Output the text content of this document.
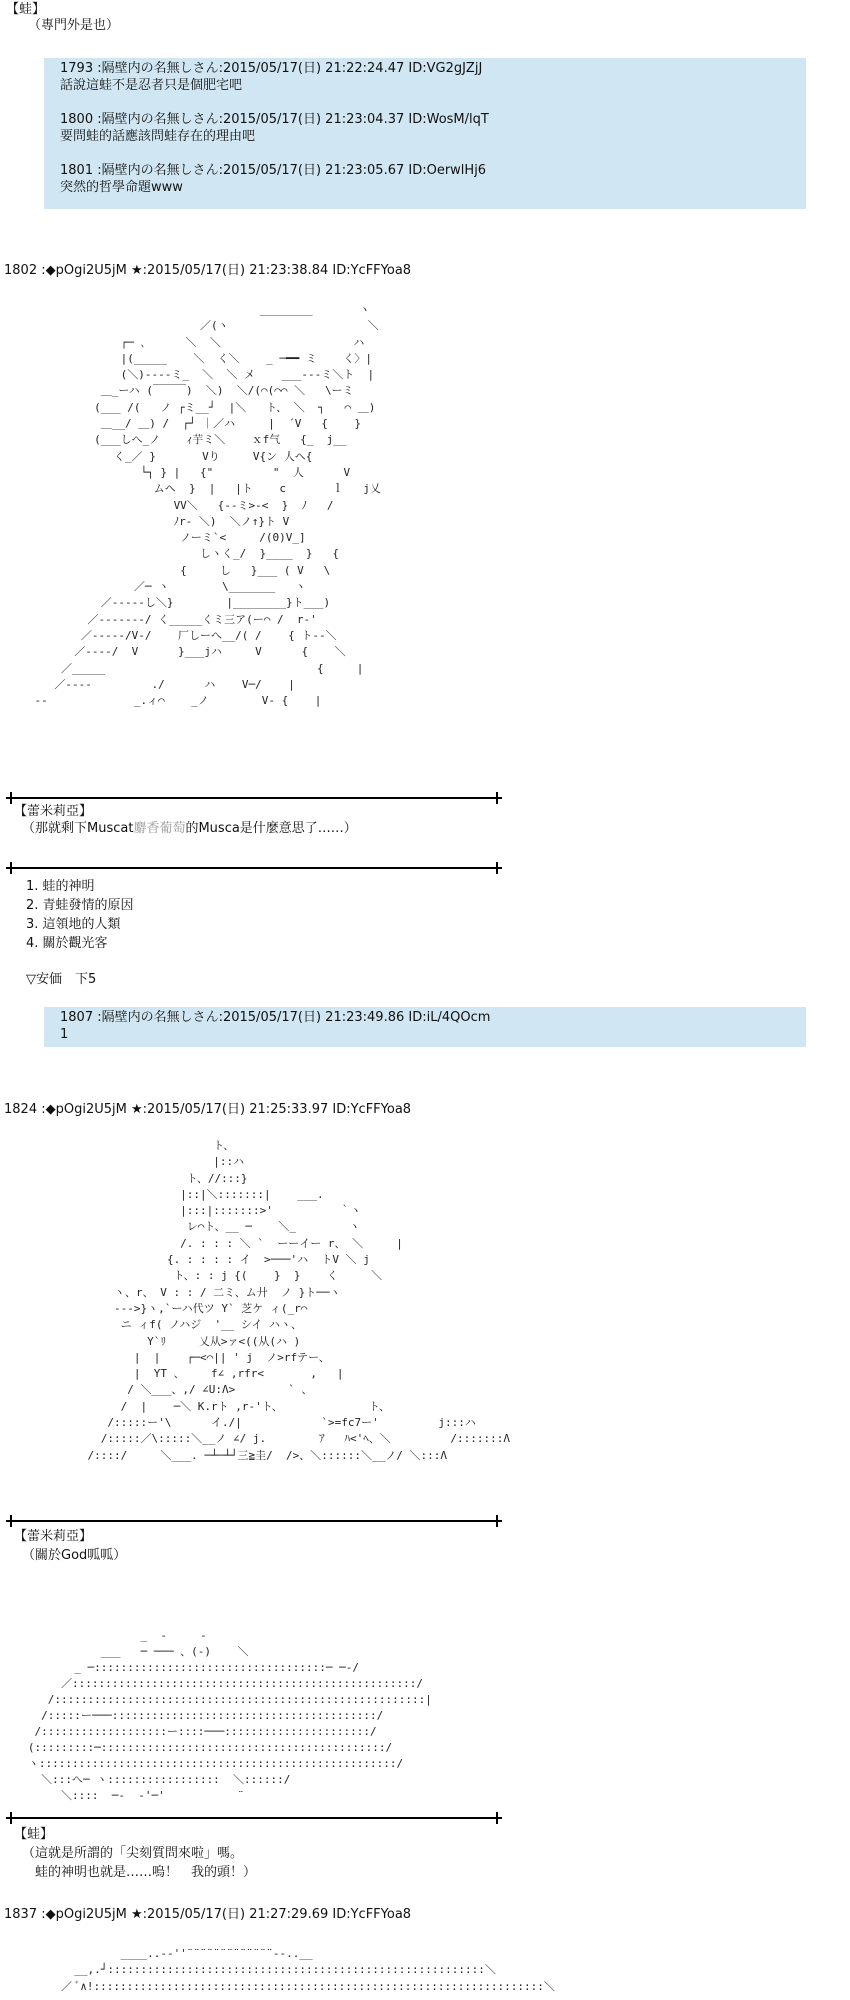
【蛙】
（專門外是也）
1793 :隔壁内の名無しさん:2015/05/17(日) 21:22:24.47 ID:VG2gJZjJ
話說這蛙不是忍者只是個肥宅吧
1800 :隔壁内の名無しさん:2015/05/17(日) 21:23:04.37 ID:WosM/lqT
要問蛙的話應該問蛙存在的理由吧
1801 :隔壁内の名無しさん:2015/05/17(日) 21:23:05.67 ID:OerwlHj6
突然的哲學命題www
1802 :◆pOgi2U5jM ★:2015/05/17(日) 21:23:38.84 ID:YcFFYoa8
________       ヽ
／(ヽ                     ＼
┌─ ､      ＼  ＼                    ハ
|(_____    ＼  く＼    _ ─━━ ミ    く〉|
(＼)----ミ_  ＼  ＼ メ    ___---ミ＼ト  |
＿_ーハ (￣￣￣)  ＼)  ＼/(⌒(⌒⌒ ＼   \ーミ
(___ /(   ノ ┌ミ__┘  |＼   ト、 ＼  ┐   ⌒ ＿)
＿__/ ＿) /  ┌┘ ｜／ハ     |  ´V   {    }
(___しへ_ノ    ｨ芋ミ＼    ｘf气   {_  j__
く_／ }       Vり     V{ン 人ヘ{
└┐ } |   {"         "  人      V
ムヘ  }  |   |ト    c       ｌ   j乂
VV＼   {--ミ>-<  }  ﾉ   /
ﾉr‐ ＼)  ＼ノ↑}ト V
ノーミ`<     /(0)V_]
しヽく_/  }____  }   {
{     し   }___ ( V   \
／─ ヽ        \_______   ヽ
／-----し＼}        |________}ト___)
／-------/ く_____くミ三ア(ー⌒ /  r‐'
／-----/V-/    厂しーへ__/( /    { ト--＼
／----/  V      }___jハ     V      {    ＼
／_____                                {     |
／----         ./      ハ    V─/    |
--             _.ィ⌒    _ノ        V- {    |
【蕾米莉亞】
（那就剩下Muscat麝香葡萄的Musca是什麼意思了……）
1. 蛙的神明
2. 青蛙發情的原因
3. 這領地的人類
4. 關於觀光客
▽安価　下5
1807 :隔壁内の名無しさん:2015/05/17(日) 21:23:49.86 ID:iL/4QOcm
1
1824 :◆pOgi2U5jM ★:2015/05/17(日) 21:25:33.97 ID:YcFFYoa8
ト、
|::ハ
ト、//:::}
|::|＼:::::::|    ___.
|:::|:::::::>'          ｀ヽ
レ⌒ト、__ ─    ＼_        ヽ
/. : : : ＼ `  ーーイー r、 ＼     |
{. : : : : イ  >───'ハ  トV ＼ j
ト、: : j {(    }  }    く     ＼
ヽ、r、 V : : / 二ミ、ム廾  ノ }ト──ヽ
--->}ヽ,`ーハ代ツ Y` 芝ケ ィ(_r⌒
ニ ィf( ノハジ  '__ シイ ハヽ、
Y`ﾘ     乂从>ァ<((从(ハ )
|  |    ┌─<⌒|| ' j  ノ>rfテー、
|  YT 、    f∠ ,rfr<       ,   |
/ ＼___、,/ ∠U:Λ>        ` 、
/  |    ─＼ K.rト ,r-'ト、             ト、
/:::::ー'\      イ./|            `>=fc7ー'         j:::ハ
/:::::／\:::::＼__ノ ∠/ j.        ｱ   ﾊ<'ﾍ、＼         /:::::::Λ
/::::/     ＼___. ─┴─┴┘三≧圭/  />、＼::::::＼__ノ/ ＼:::Λ
【蕾米莉亞】
（關於God呱呱）
_  -     -
___   ─ ─── 、(-)    ＼
_ ─:::::::::::::::::::::::::::::::::::─ ─-/
／::::::::::::::::::::::::::::::::::::::::::::::::::::/
/::::::::::::::::::::::::::::::::::::::::::::::::::::::::|
/:::::ー───::::::::::::::::::::::::::::::::::::::::/
/:::::::::::::::::::ー::::───::::::::::::::::::::::/
(:::::::::─:::::::::::::::::::::::::::::::::::::::::::/
ヽ::::::::::::::::::::::::::::::::::::::::::::::::::::::/
＼:::へ─ ヽ:::::::::::::::::  ＼::::::/
＼::::  ─‐  ‐'─'           ¨
【蛙】
（這就是所謂的「尖刻質問來啦」嗎。
　蛙的神明也就是……嗚！　我的頭！）
1837 :◆pOgi2U5jM ★:2015/05/17(日) 21:27:29.69 ID:YcFFYoa8
____..-‐''¨¨¨¨¨¨¨¨¨¨¨¨¨‐‐..__
__,.┘:::::::::::::::::::::::::::::::::::::::::::::::::::::::::＼
／ ﾞ∧!::::::::::::::::::::::::::::::::::::::::::::::::::::::::::::::::::::＼
